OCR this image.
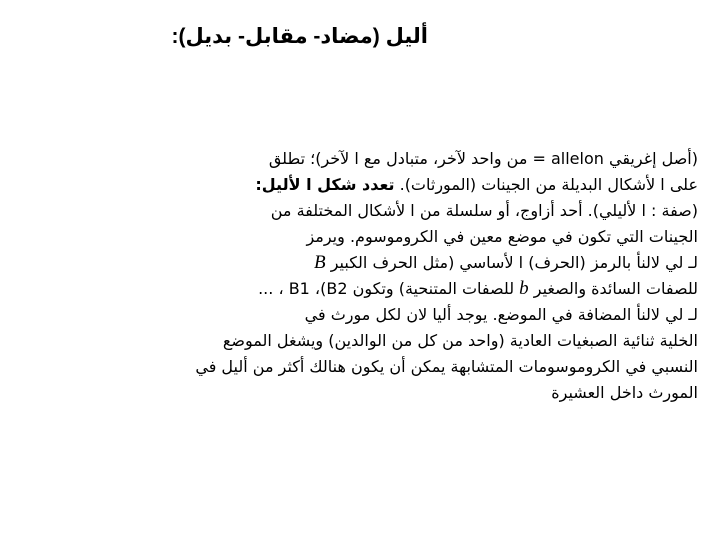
أليل (مضاد- مقابل- بديل):
(أصل إغريقي allelon = من واحد لآخر، متبادل مع ا لآخر)؛ تطلق
على ا لأشكال البديلة من الجينات (المورثات). تعدد شكل ا لأليل:
(صفة : ا لأليلي). أحد أزاوج، أو سلسلة من ا لأشكال المختلفة من
الجينات التي تكون في موضع معين في الكروموسوم. ويرمز
لـ لي لالنأ بالرمز (الحرف) ا لأساسي (مثل الحرف الكبير B
للصفات السائدة والصغير b للصفات المتنحية) وتكون B1 ،(B2 ، ...
لـ لي لالنأ المضافة في الموضع. يوجد أليا لان لكل مورث في
الخلية ثنائية الصبغيات العادية (واحد من كل من الوالدين) ويشغل الموضع
النسبي في الكروموسومات المتشابهة يمكن أن يكون هنالك أكثر من أليل في
المورث داخل العشيرة
